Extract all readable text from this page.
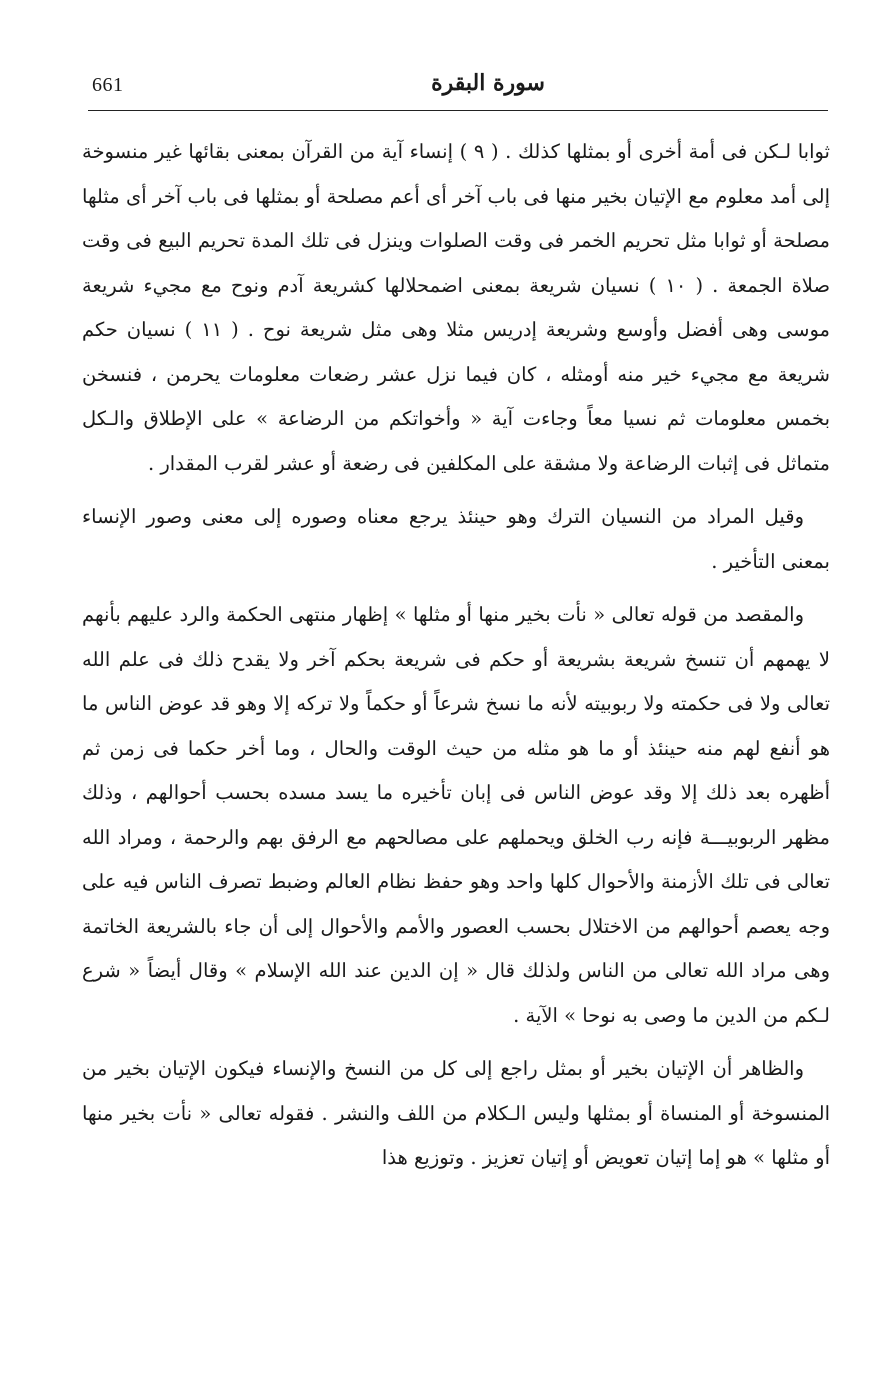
661	سورة البقرة

ثوابا لـكن فى أمة أخرى أو بمثلها كذلك . ( ٩ ) إنساء آية من القرآن بمعنى بقائها غير منسوخة إلى أمد معلوم مع الإتيان بخير منها فى باب آخر أى أعم مصلحة أو بمثلها فى باب آخر أى مثلها مصلحة أو ثوابا مثل تحريم الخمر فى وقت الصلوات وينزل فى تلك المدة تحريم البيع فى وقت صلاة الجمعة . ( ١٠ ) نسيان شريعة بمعنى اضمحلالها كشريعة آدم ونوح مع مجيء شريعة موسى وهى أفضل وأوسع وشريعة إدريس مثلا وهى مثل شريعة نوح . ( ١١ ) نسيان حكم شريعة مع مجيء خير منه أومثله ، كان فيما نزل عشر رضعات معلومات يحرمن ، فنسخن بخمس معلومات ثم نسيا معاً وجاءت آية « وأخواتكم من الرضاعة » على الإطلاق والـكل متماثل فى إثبات الرضاعة ولا مشقة على المكلفين فى رضعة أو عشر لقرب المقدار .

وقيل المراد من النسيان الترك وهو حينئذ يرجع معناه وصوره إلى معنى وصور الإنساء بمعنى التأخير .

والمقصد من قوله تعالى « نأت بخير منها أو مثلها » إظهار منتهى الحكمة والرد عليهم بأنهم لا يهمهم أن تنسخ شريعة بشريعة أو حكم فى شريعة بحكم آخر ولا يقدح ذلك فى علم الله تعالى ولا فى حكمته ولا ربوبيته لأنه ما نسخ شرعاً أو حكماً ولا تركه إلا وهو قد عوض الناس ما هو أنفع لهم منه حينئذ أو ما هو مثله من حيث الوقت والحال ، وما أخر حكما فى زمن ثم أظهره بعد ذلك إلا وقد عوض الناس فى إبان تأخيره ما يسد مسده بحسب أحوالهم ، وذلك مظهر الربوبيـــة فإنه رب الخلق ويحملهم على مصالحهم مع الرفق بهم والرحمة ، ومراد الله تعالى فى تلك الأزمنة والأحوال كلها واحد وهو حفظ نظام العالم وضبط تصرف الناس فيه على وجه يعصم أحوالهم من الاختلال بحسب العصور والأمم والأحوال إلى أن جاء بالشريعة الخاتمة وهى مراد الله تعالى من الناس ولذلك قال « إن الدين عند الله الإسلام » وقال أيضاً « شرع لـكم من الدين ما وصى به نوحا » الآية .

والظاهر أن الإتيان بخير أو بمثل راجع إلى كل من النسخ والإنساء فيكون الإتيان بخير من المنسوخة أو المنساة أو بمثلها وليس الـكلام من اللف والنشر . فقوله تعالى « نأت بخير منها أو مثلها » هو إما إتيان تعويض أو إتيان تعزيز . وتوزيع هذا
